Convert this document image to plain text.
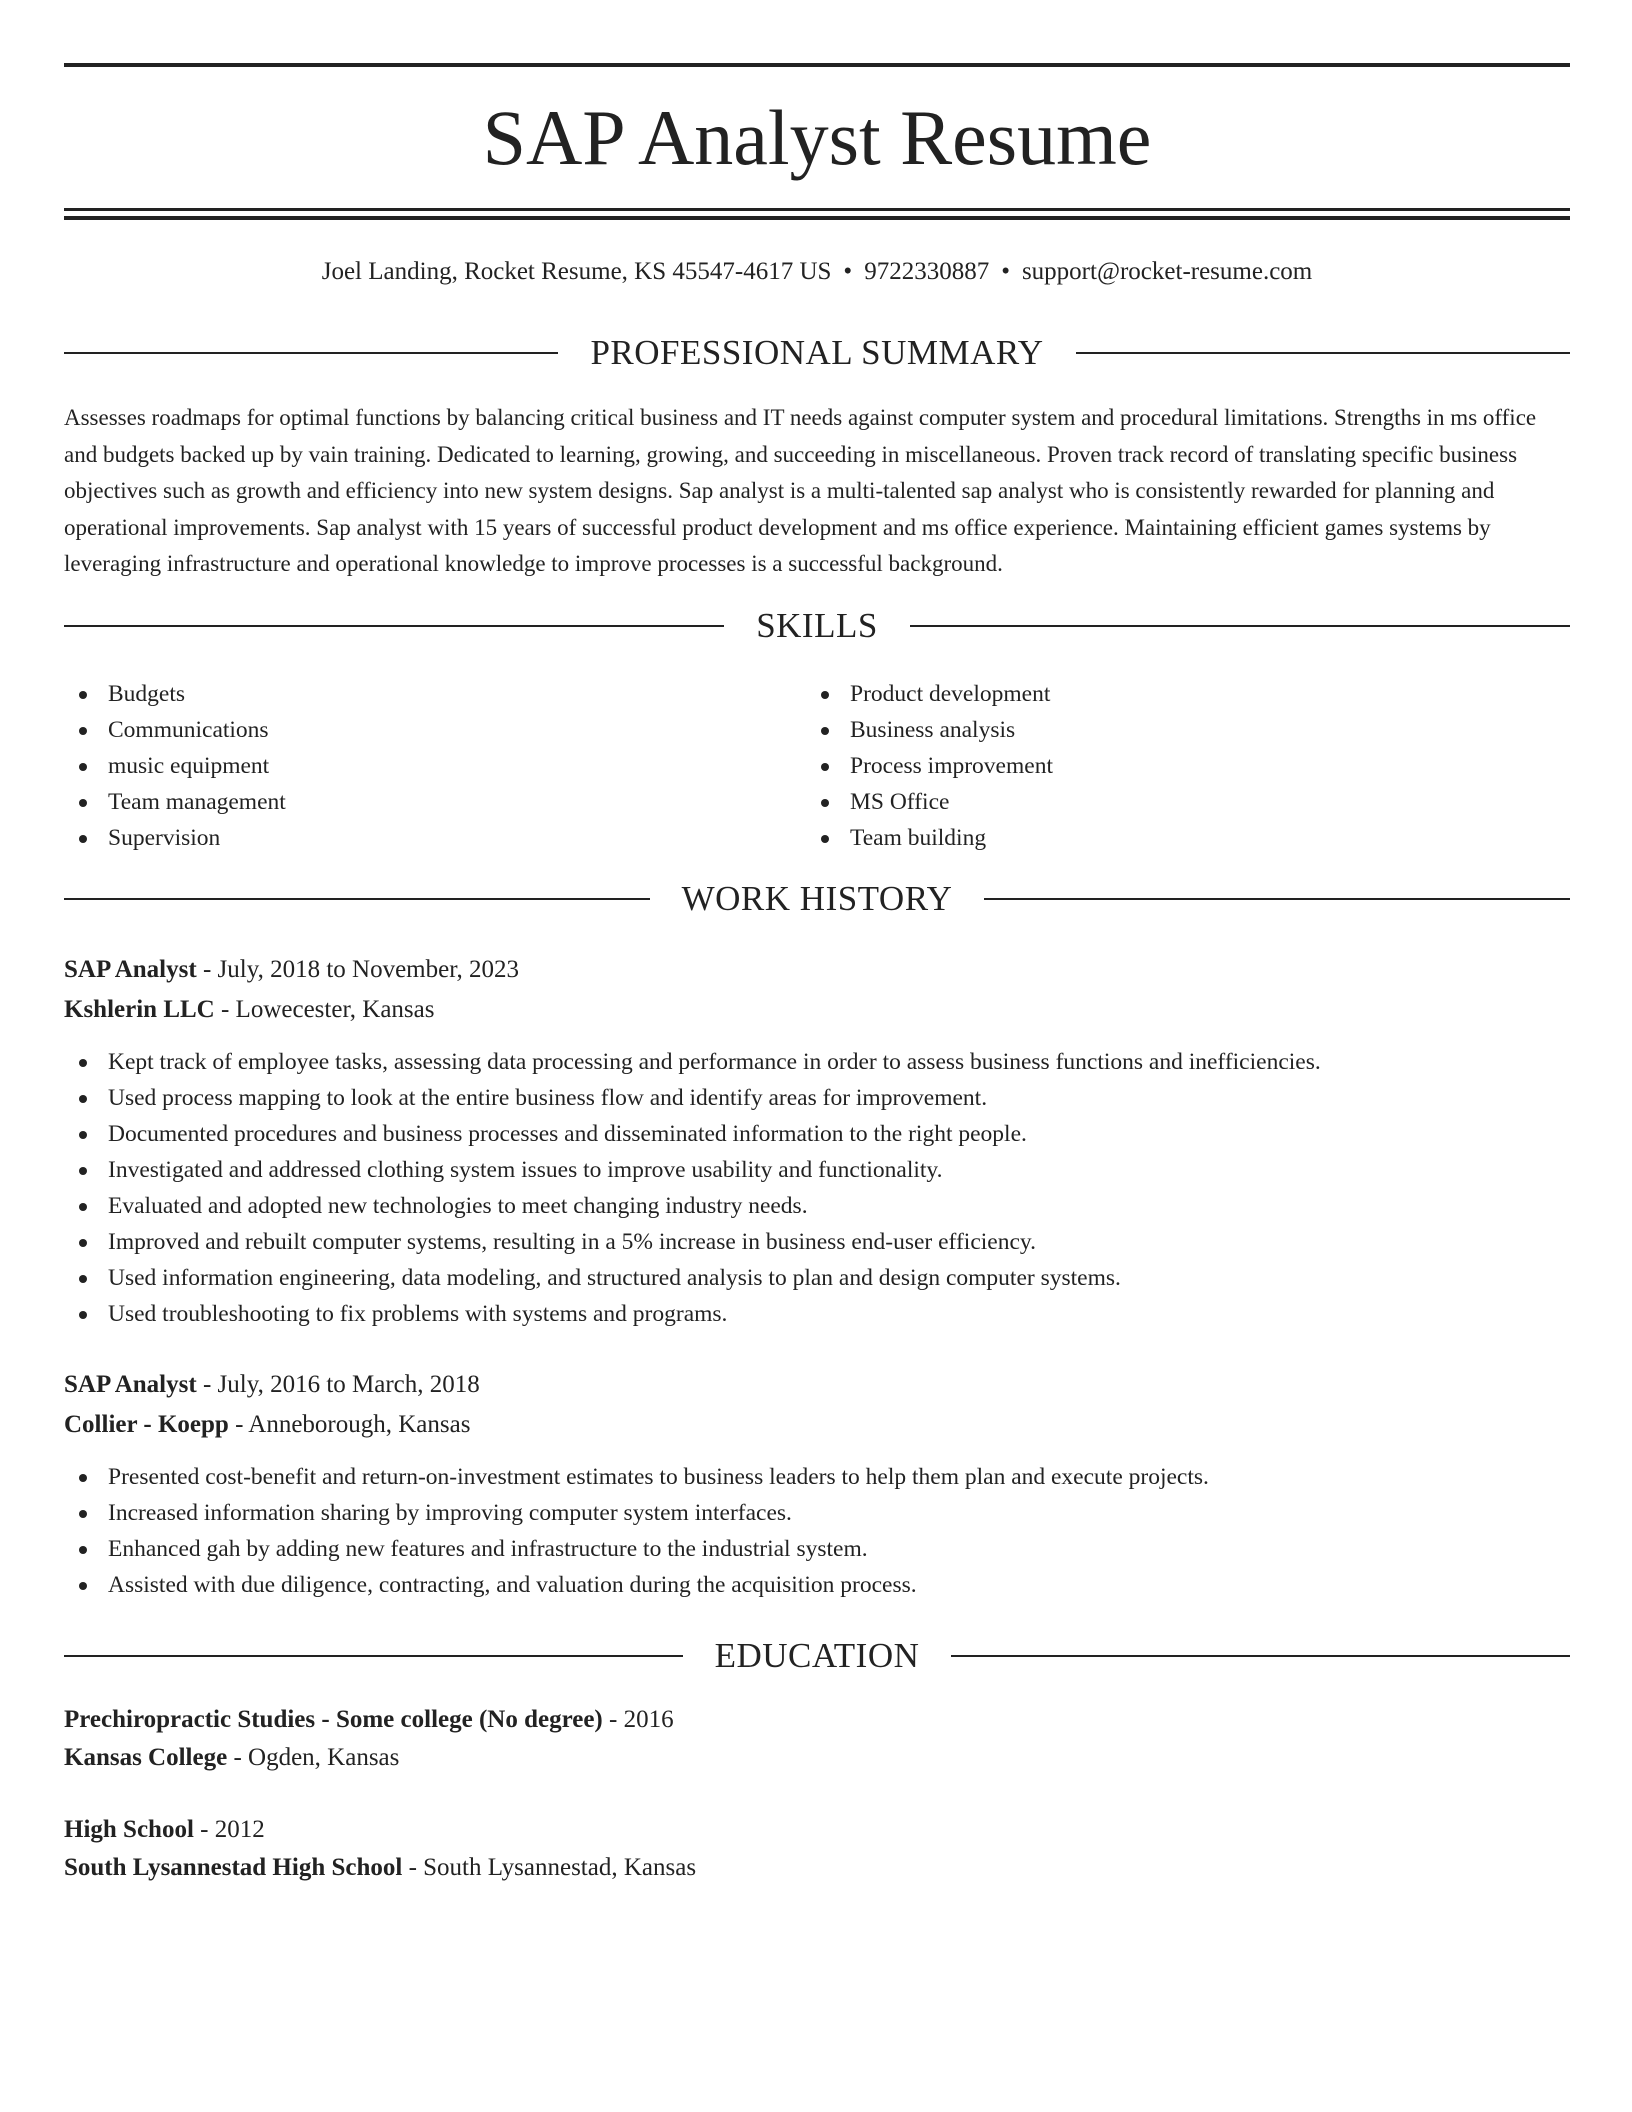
SAP Analyst Resume
Joel Landing, Rocket Resume, KS 45547-4617 US • 9722330887 • support@rocket-resume.com
PROFESSIONAL SUMMARY

Assesses roadmaps for optimal functions by balancing critical business and IT needs against computer system and procedural limitations. Strengths in ms office and budgets backed up by vain training. Dedicated to learning, growing, and succeeding in miscellaneous. Proven track record of translating specific business objectives such as growth and efficiency into new system designs. Sap analyst is a multi-talented sap analyst who is consistently rewarded for planning and operational improvements. Sap analyst with 15 years of successful product development and ms office experience. Maintaining efficient games systems by leveraging infrastructure and operational knowledge to improve processes is a successful background.

SKILLS
Budgets
Communications
music equipment
Team management
Supervision
Product development
Business analysis
Process improvement
MS Office
Team building
WORK HISTORY
SAP Analyst - July, 2018 to November, 2023
Kshlerin LLC - Lowecester, Kansas
Kept track of employee tasks, assessing data processing and performance in order to assess business functions and inefficiencies.
Used process mapping to look at the entire business flow and identify areas for improvement.
Documented procedures and business processes and disseminated information to the right people.
Investigated and addressed clothing system issues to improve usability and functionality.
Evaluated and adopted new technologies to meet changing industry needs.
Improved and rebuilt computer systems, resulting in a 5% increase in business end-user efficiency.
Used information engineering, data modeling, and structured analysis to plan and design computer systems.
Used troubleshooting to fix problems with systems and programs.
SAP Analyst - July, 2016 to March, 2018
Collier - Koepp - Anneborough, Kansas
Presented cost-benefit and return-on-investment estimates to business leaders to help them plan and execute projects.
Increased information sharing by improving computer system interfaces.
Enhanced gah by adding new features and infrastructure to the industrial system.
Assisted with due diligence, contracting, and valuation during the acquisition process.
EDUCATION
Prechiropractic Studies - Some college (No degree) - 2016
Kansas College - Ogden, Kansas
High School - 2012
South Lysannestad High School - South Lysannestad, Kansas
